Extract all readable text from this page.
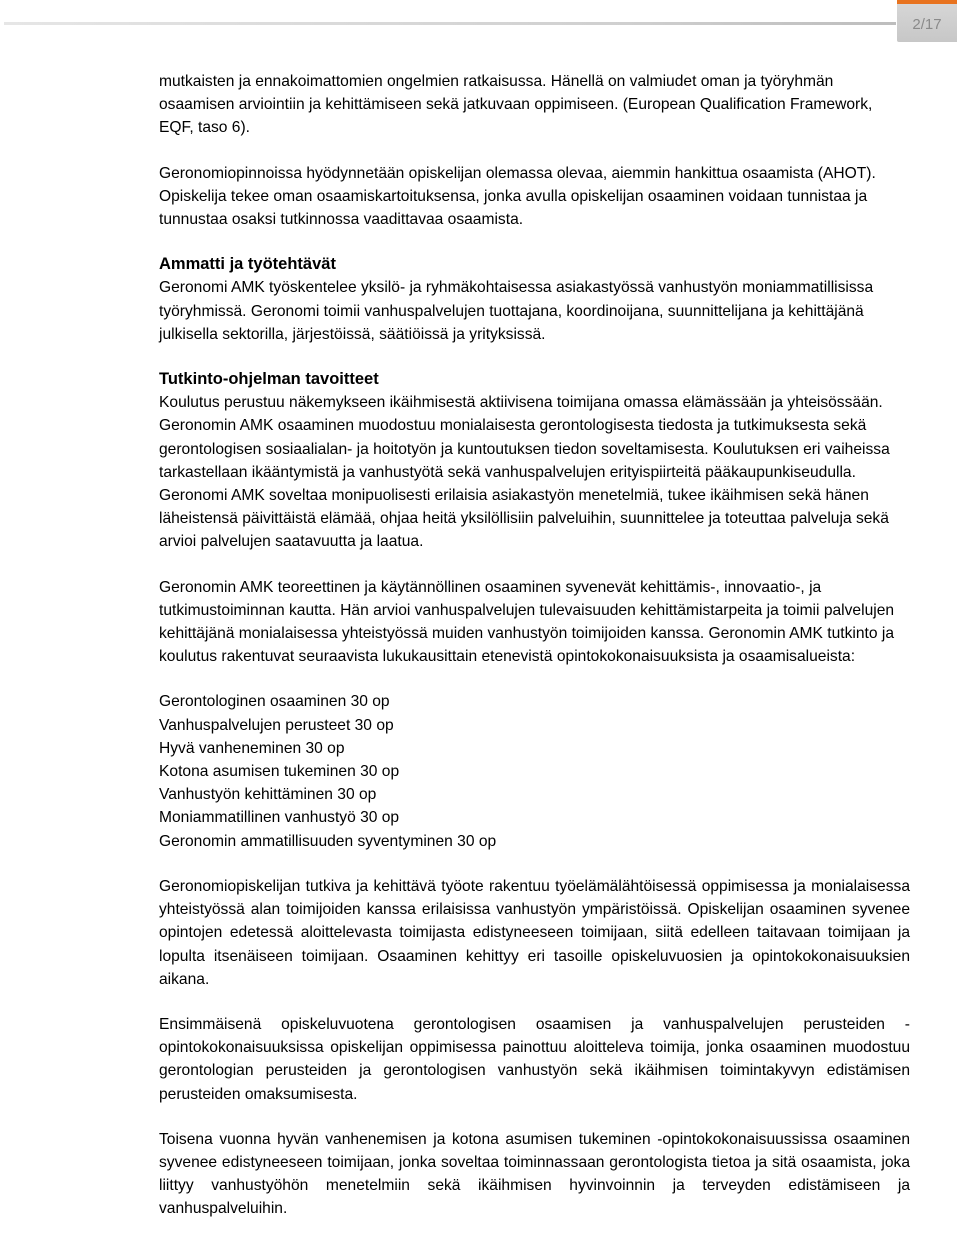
2/17

mutkaisten ja ennakoimattomien ongelmien ratkaisussa. Hänellä on valmiudet oman ja työryhmän osaamisen arviointiin ja kehittämiseen sekä jatkuvaan oppimiseen. (European Qualification Framework, EQF, taso 6).

Geronomiopinnoissa hyödynnetään opiskelijan olemassa olevaa, aiemmin hankittua osaamista (AHOT). Opiskelija tekee oman osaamiskartoituksensa, jonka avulla opiskelijan osaaminen voidaan tunnistaa ja tunnustaa osaksi tutkinnossa vaadittavaa osaamista.

Ammatti ja työtehtävät

Geronomi AMK työskentelee yksilö- ja ryhmäkohtaisessa asiakastyössä vanhustyön moniammatillisissa työryhmissä. Geronomi toimii vanhuspalvelujen tuottajana, koordinoijana, suunnittelijana ja kehittäjänä julkisella sektorilla, järjestöissä, säätiöissä ja yrityksissä.

Tutkinto-ohjelman tavoitteet

Koulutus perustuu näkemykseen ikäihmisestä aktiivisena toimijana omassa elämässään ja yhteisössään. Geronomin AMK osaaminen muodostuu monialaisesta gerontologisesta tiedosta ja tutkimuksesta sekä gerontologisen sosiaalialan- ja hoitotyön ja kuntoutuksen tiedon soveltamisesta. Koulutuksen eri vaiheissa tarkastellaan ikääntymistä ja vanhustyötä sekä vanhuspalvelujen erityispiirteitä pääkaupunkiseudulla. Geronomi AMK soveltaa monipuolisesti erilaisia asiakastyön menetelmiä, tukee ikäihmisen sekä hänen läheistensä päivittäistä elämää, ohjaa heitä yksilöllisiin palveluihin, suunnittelee ja toteuttaa palveluja sekä arvioi palvelujen saatavuutta ja laatua.

Geronomin AMK teoreettinen ja käytännöllinen osaaminen syvenevät kehittämis-, innovaatio-, ja tutkimustoiminnan kautta. Hän arvioi vanhuspalvelujen tulevaisuuden kehittämistarpeita ja toimii palvelujen kehittäjänä monialaisessa yhteistyössä muiden vanhustyön toimijoiden kanssa. Geronomin AMK tutkinto ja koulutus rakentuvat seuraavista lukukausittain etenevistä opintokokonaisuuksista ja osaamisalueista:

Gerontologinen osaaminen 30 op
Vanhuspalvelujen perusteet 30 op
Hyvä vanheneminen 30 op
Kotona asumisen tukeminen 30 op
Vanhustyön kehittäminen 30 op
Moniammatillinen vanhustyö 30 op
Geronomin ammatillisuuden syventyminen 30 op

Geronomiopiskelijan tutkiva ja kehittävä työote rakentuu työelämälähtöisessä oppimisessa ja monialaisessa yhteistyössä alan toimijoiden kanssa erilaisissa vanhustyön ympäristöissä. Opiskelijan osaaminen syvenee opintojen edetessä aloittelevasta toimijasta edistyneeseen toimijaan, siitä edelleen taitavaan toimijaan ja lopulta itsenäiseen toimijaan. Osaaminen kehittyy eri tasoille opiskeluvuosien ja opintokokonaisuuksien aikana.

Ensimmäisenä opiskeluvuotena gerontologisen osaamisen ja vanhuspalvelujen perusteiden -opintokokonaisuuksissa opiskelijan oppimisessa painottuu aloitteleva toimija, jonka osaaminen muodostuu gerontologian perusteiden ja gerontologisen vanhustyön sekä ikäihmisen toimintakyvyn edistämisen perusteiden omaksumisesta.

Toisena vuonna hyvän vanhenemisen ja kotona asumisen tukeminen -opintokokonaisuussissa osaaminen syvenee edistyneeseen toimijaan, jonka soveltaa toiminnassaan gerontologista tietoa ja sitä osaamista, joka liittyy vanhustyöhön menetelmiin sekä ikäihmisen hyvinvoinnin ja terveyden edistämiseen ja vanhuspalveluihin.
